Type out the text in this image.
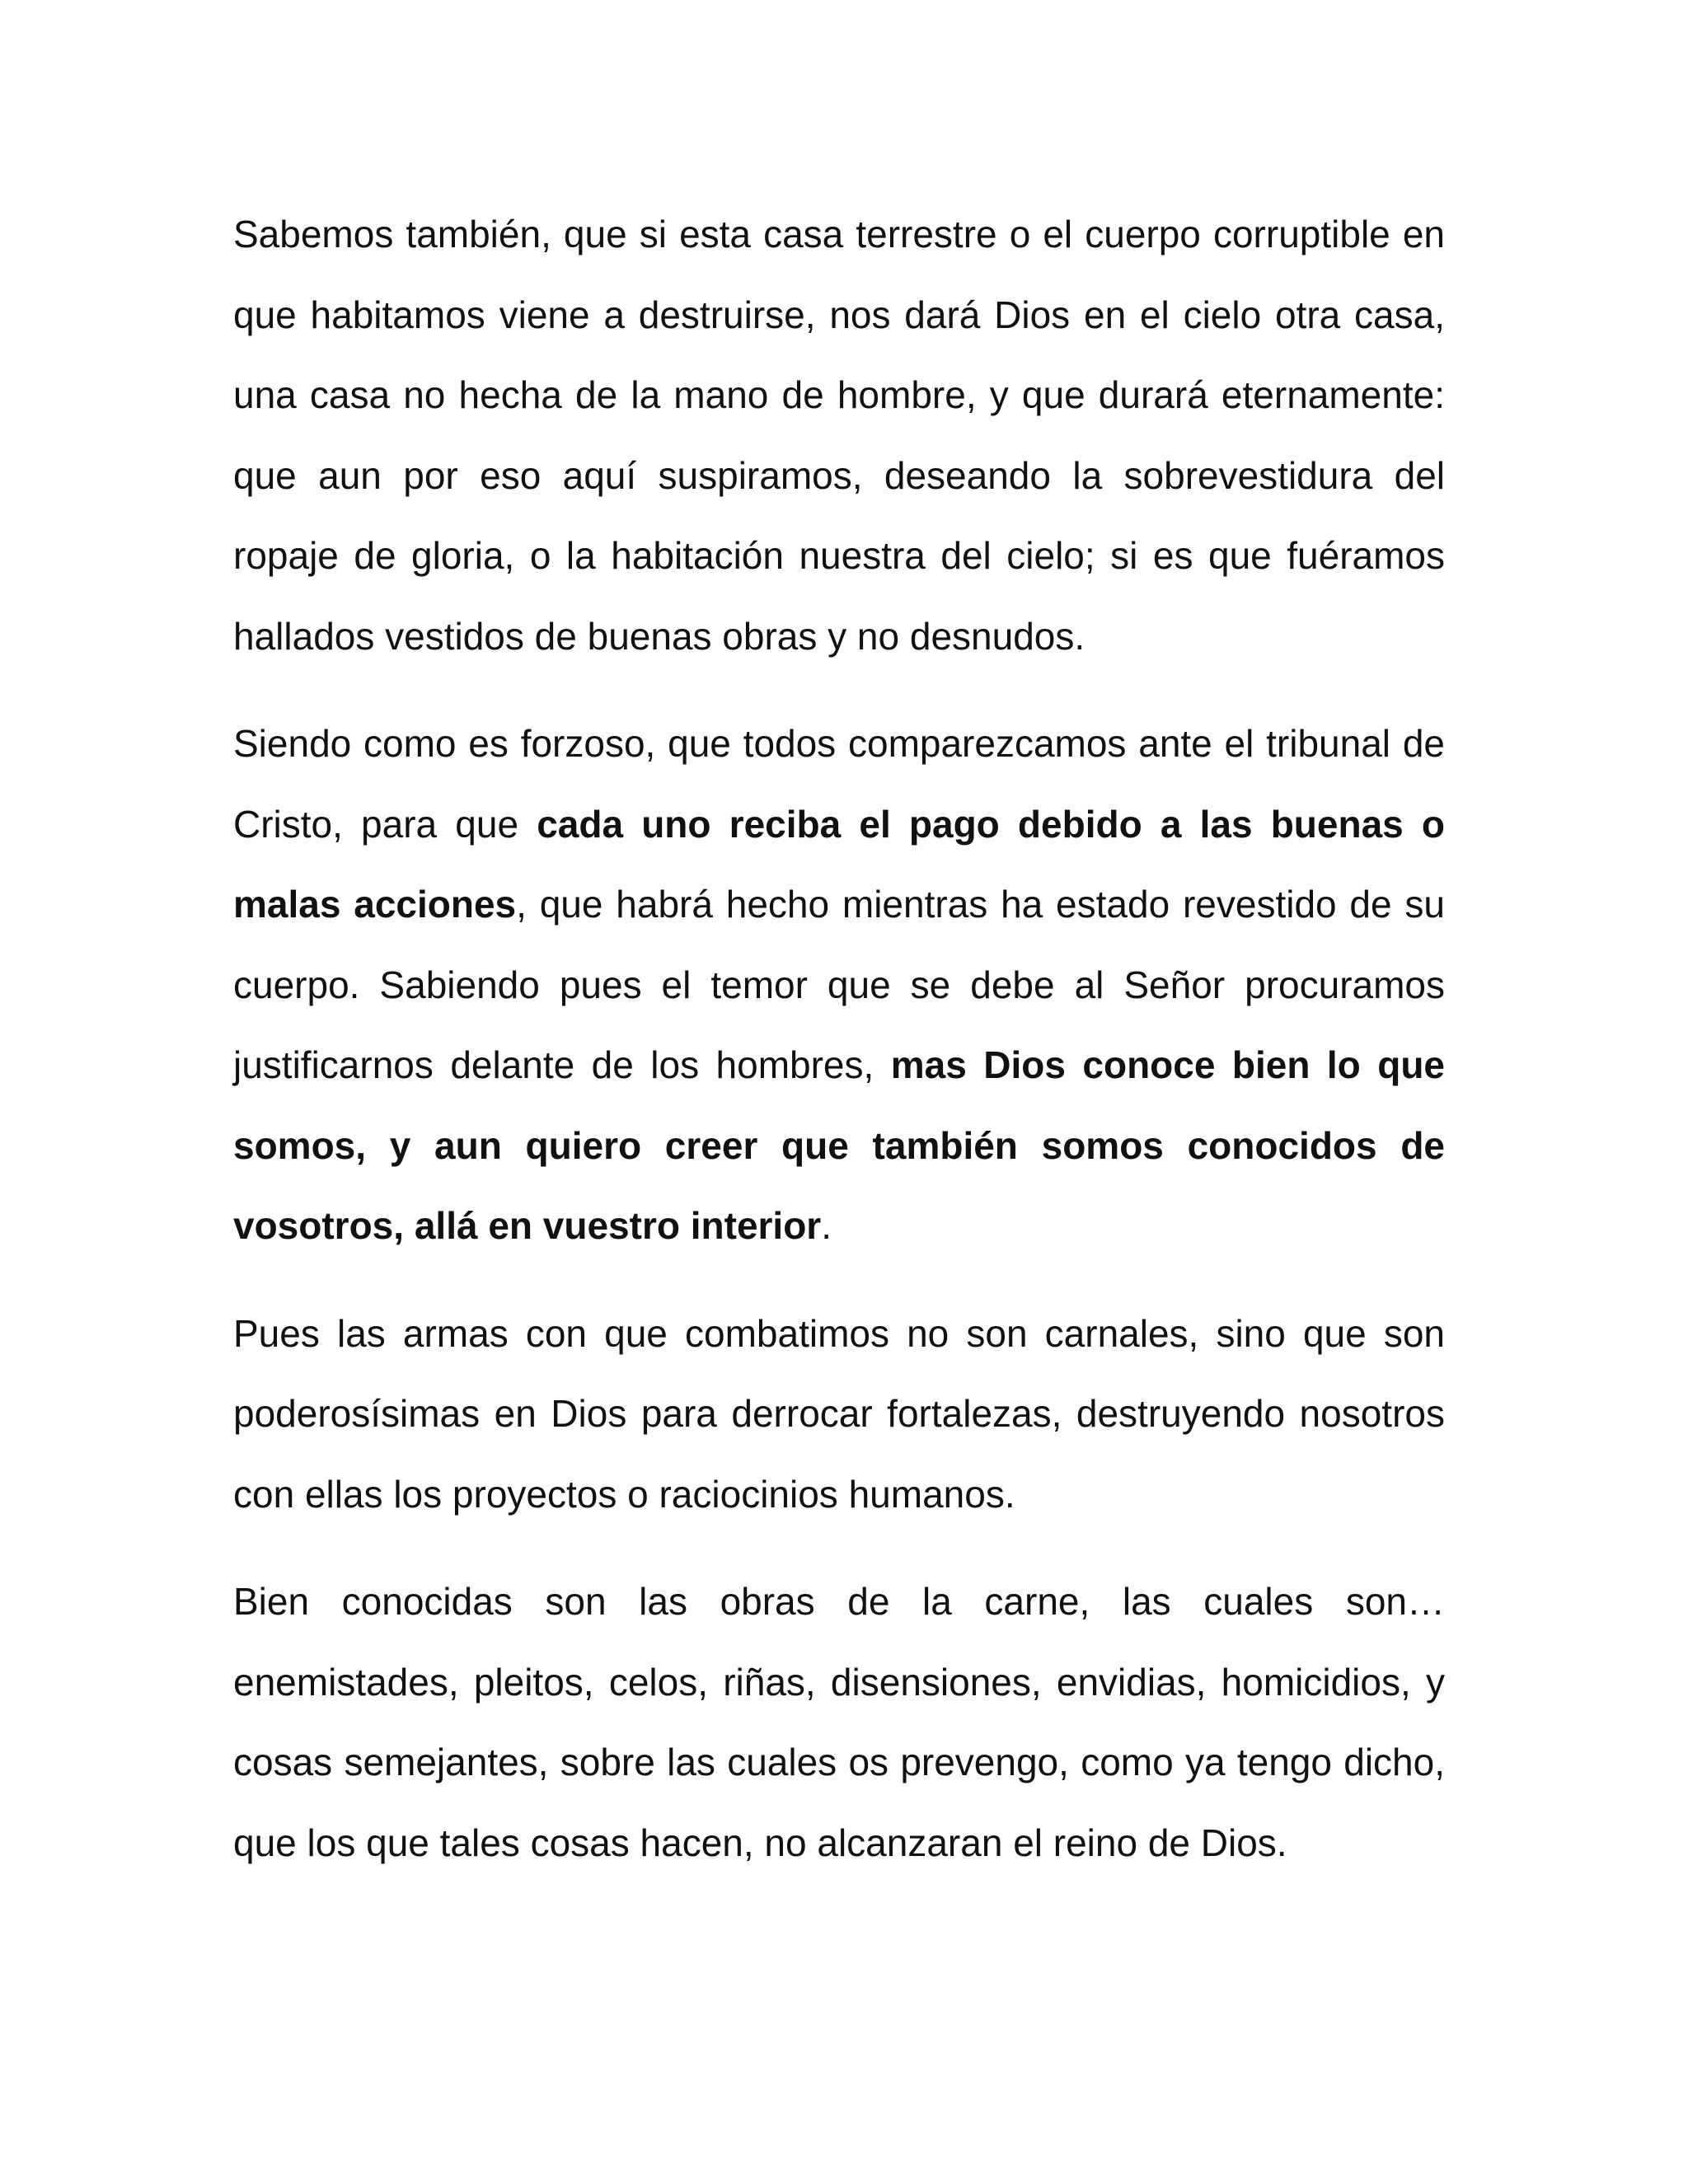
Sabemos también, que si esta casa terrestre o el cuerpo corruptible en que habitamos viene a destruirse, nos dará Dios en el cielo otra casa, una casa no hecha de la mano de hombre, y que durará eternamente: que aun por eso aquí suspiramos, deseando la sobrevestidura del ropaje de gloria, o la habitación nuestra del cielo; si es que fuéramos hallados vestidos de buenas obras y no desnudos.

Siendo como es forzoso, que todos comparezcamos ante el tribunal de Cristo, para que cada uno reciba el pago debido a las buenas o malas acciones, que habrá hecho mientras ha estado revestido de su cuerpo. Sabiendo pues el temor que se debe al Señor procuramos justificarnos delante de los hombres, mas Dios conoce bien lo que somos, y aun quiero creer que también somos conocidos de vosotros, allá en vuestro interior.

Pues las armas con que combatimos no son carnales, sino que son poderosísimas en Dios para derrocar fortalezas, destruyendo nosotros con ellas los proyectos o raciocinios humanos.

Bien conocidas son las obras de la carne, las cuales son… enemistades, pleitos, celos, riñas, disensiones, envidias, homicidios, y cosas semejantes, sobre las cuales os prevengo, como ya tengo dicho, que los que tales cosas hacen, no alcanzaran el reino de Dios.
